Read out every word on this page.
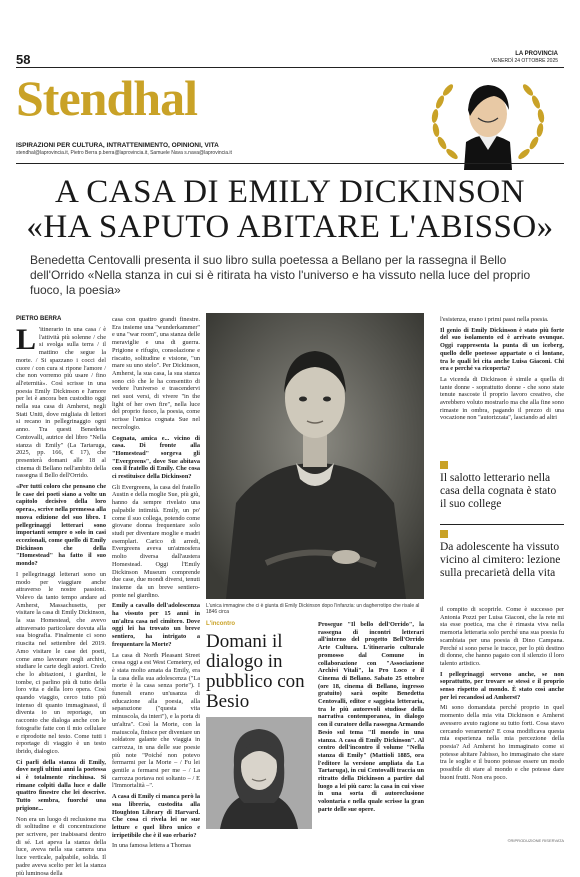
58	LA PROVINCIA
VENERDÌ 24 OTTOBRE 2025
Stendhal
ISPIRAZIONI PER CULTURA, INTRATTENIMENTO, OPINIONI, VITA
stendhal@laprovincia.it, Pietro Berra p.berra@laprovincia.it, Samuele Nava s.nava@laprovincia.it
A CASA DI EMILY DICKINSON
«HA SAPUTO ABITARE L'ABISSO»
Benedetta Centovalli presenta il suo libro sulla poetessa a Bellano per la rassegna il Bello dell'Orrido «Nella stanza in cui si è ritirata ha visto l'universo e ha vissuto nella luce del proprio fuoco, la poesia»
PIETRO BERRA

L 'itinerario in una casa / è l'attività più solenne / che si svolga sulla terra / il mattino che segue la morte. / Si spazzano i cocci del cuore / con cura si ripone l'amore / che non vorremo più usare / fino all'eternità». Così scrisse in una poesia Emily Dickinson e l'amore per lei è ancora ben custodito oggi nella sua casa di Amherst, negli Stati Uniti, dove migliaia di lettori si recano in pellegrinaggio ogni anno. Tra questi Benedetta Centovalli, autrice del libro "Nella stanza di Emily" (La Tartaruga, 2025, pp. 166, € 17), che presenterà domani alle 18 al cinema di Bellano nell'ambito della rassegna il Bello dell'Orrido.

«Per tutti coloro che pensano che le case dei poeti siano a volte un capitolo decisivo della loro opera», scrive nella premessa alla nuova edizione del suo libro. I pellegrinaggi letterari sono importanti sempre o solo in casi eccezionali, come quello di Emily Dickinson che della "Homestead" ha fatto il suo mondo?

I pellegrinaggi letterari sono un modo per viaggiare anche attraverso le nostre passioni. Volevo da tanto tempo andare ad Amherst, Massachusetts, per visitare la casa di Emily Dickinson, la sua Homestead, che avevo attraversato particolare dovuta alla sua biografia. Finalmente ci sono riuscita nel settembre del 2019. Amo visitare le case dei poeti, come amo lavorare negli archivi, studiare le carte degli autori. Credo che lo abitazioni, i giardini, le tombe, ci parlino più di tutto della loro vita e della loro opera. Così quando viaggio, cerco tutto più intenso di quanto immaginassi, il diventa io un reportage, un racconto che dialoga anche con le fotografie fatte con il mio cellulare e riprodotte nel testo. Come tutti i reportage di viaggio è un testo ibrido, dialogico.

Ci parli della stanza di Emily, dove negli ultimi anni la poetessa si è totalmente rinchiusa. Si rimane colpiti dalla luce e dalle quattro finestre che lei descrive. Tutto sembra, fuorché una prigione...

Non era un luogo di reclusione ma di solitudine e di concentrazione per scrivere, per inabissarsi dentro di sé. Lei apeva la stanza della luce, aveva nella sua camera una luce verticale, palpabile, solida. Il padre aveva scelto per lei la stanza più luminosa della

casa con quattro grandi finestre. Era insieme una "wunderkammer" e una "war room", una stanza delle meraviglie e una di guerra. Prigione e rifugio, consolazione e riscatto, solitudine e visione, "un mare su uno stelo". Per Dickinson, Amherst, la sua casa, la sua stanza sono ciò che le ha consentito di vedere l'universo e trascendervi nei suoi versi, di vivere "in the light of her own fire", nella luce del proprio fuoco, la poesia, come scrisse l'amica cognata Sue nel necrologio.

Cognata, amica e... vicino di casa. Di fronte alla "Homestead" sorgeva gli "Evergreens", dove Sue abitava con il fratello di Emily. Che cosa ci restituisce della Dickinson?

Gli Evergreens, la casa del fratello Austin e della moglie Sue, più giù, hanno da sempre rivelato una palpabile intimità. Emily, un po' come il suo collega, potendo come giovane donna frequentare solo studi per diventare moglie e madri esemplari. Carico di arredi, Evergreens aveva un'atmosfera molto diversa dall'austera Homestead. Oggi l'Emily Dickinson Museum comprende due case, due mondi diversi, tenuti insieme da un breve sentiero-ponte nel giardino.

Emily a cavallo dell'adolescenza ha vissuto per 15 anni in un'altra casa nel cimitero. Dove oggi lei ha trovato un breve sentiero, ha intrigato a frequentare la Morte?

La casa di North Pleasant Street cessa oggi a est West Cemetery, ed è stata molto amata da Emily, era la casa della sua adolescenza ("La morte è la casa senza porte"). I funerali erano un'usanza di educazione alla poesia, alla separazione ("questa vita minuscola, da interi"), e la porta di un'altra". Così la Morte, con la maiuscola, finisce per diventare un soldatore galante che viaggia in carrozza, in una delle sue poesie più note "Poiché non potevo fermarmi per la Morte – / Fu lei gentile a fermarsi per me – / La carrozza portava noi soltanto – / E l'Immortalità –".

A casa di Emily ci manca però la sua libreria, custodita alla Houghton Library di Harvard. Che cosa ci rivela lei ne sue letture e quel libro unico e irripetibile che è il suo erbario?

In una famosa lettera a Thomas

L'unica immagine che ci è giunta di Emily Dickinson dopo l'infanzia: un dagherrotipo che risale al 1846 circa
L'incontro
Domani il dialogo in pubblico con Besio

Prosegue "Il bello dell'Orrido", la rassegna di incontri letterari all'interno del progetto Bell'Orrido Arte Cultura. L'itinerario culturale promosso dal Comune in collaborazione con "Associazione Archivi Vitali", la Pro Loco e il Cinema di Bellano. Sabato 25 ottobre (ore 18, cinema di Bellano, ingresso gratuito) sarà ospite Benedetta Centovalli, editor e saggista letteraria, tra le più autorevoli studiose della narrativa contemporanea, in dialogo con il curatore della rassegna Armando Besio sul tema "Il mondo in una stanza. A casa di Emily Dickinson". Al centro dell'incontro il volume "Nella stanza di Emily" (Mattioli 1885, ora l'editore la versione ampliata da La Tartaruga), in cui Centovalli traccia un ritratto della Dickinson a partire dal luogo a lei più caro: la casa in cui visse in una sorta di autoreclusione volontaria e nella quale scrisse la gran parte delle sue opere.

l'esistenza, erano i primi passi nella poesia.

Il genio di Emily Dickinson è stato più forte del suo isolamento ed è arrivato ovunque. Oggi rappresenta la punta di un iceberg, quello delle poetesse appartate o ci lontane, tra le quali lei cita anche Luisa Giaconi. Chi era e perché va ricoperta?

La vicenda di Dickinson è simile a quella di tante donne - soprattutto donne - che sono state tenute nascoste il proprio lavoro creativo, che avrebbero voluto mostrarlo ma che alla fine sono rimaste in ombra, pagando il prezzo di una vocazione non "autorizzata", lasciando ad altri

Il salotto letterario nella casa della cognata è stato il suo college
Da adolescente ha vissuto vicino al cimitero: lezione sulla precarietà della vita

il compito di scoprirle. Come è successo per Antonia Pozzi per Luisa Giaconi, che la rete mi sta esse poetica, ma che è rimasta viva nella memoria letteraria solo perché una sua poesia fu scambiata per una poesia di Dino Campana. Perché si sono perse le tracce, per lo più destino di donne, che hanno pagato con il silenzio il loro talento artistico.

I pellegrinaggi servono anche, se non soprattutto, per trovare se stessi e il proprio senso rispetto al mondo. È stato così anche per lei recandosi ad Amherst?

Mi sono domandata perché proprio in quel momento della mia vita Dickinson e Amherst avessero avuto ragione su tutto forti. Cosa stavo cercando veramente? E cosa modificava questa mia esperienza nella mia percezione della poesia? Ad Amherst ho immaginato come si potesse abitare l'abisso, ho immaginato che stare tra le soglie e il buono potesse essere un modo possibile di stare al mondo e che potesse dare buoni frutti. Non era poco.

©RIPRODUZIONE RISERVATA
